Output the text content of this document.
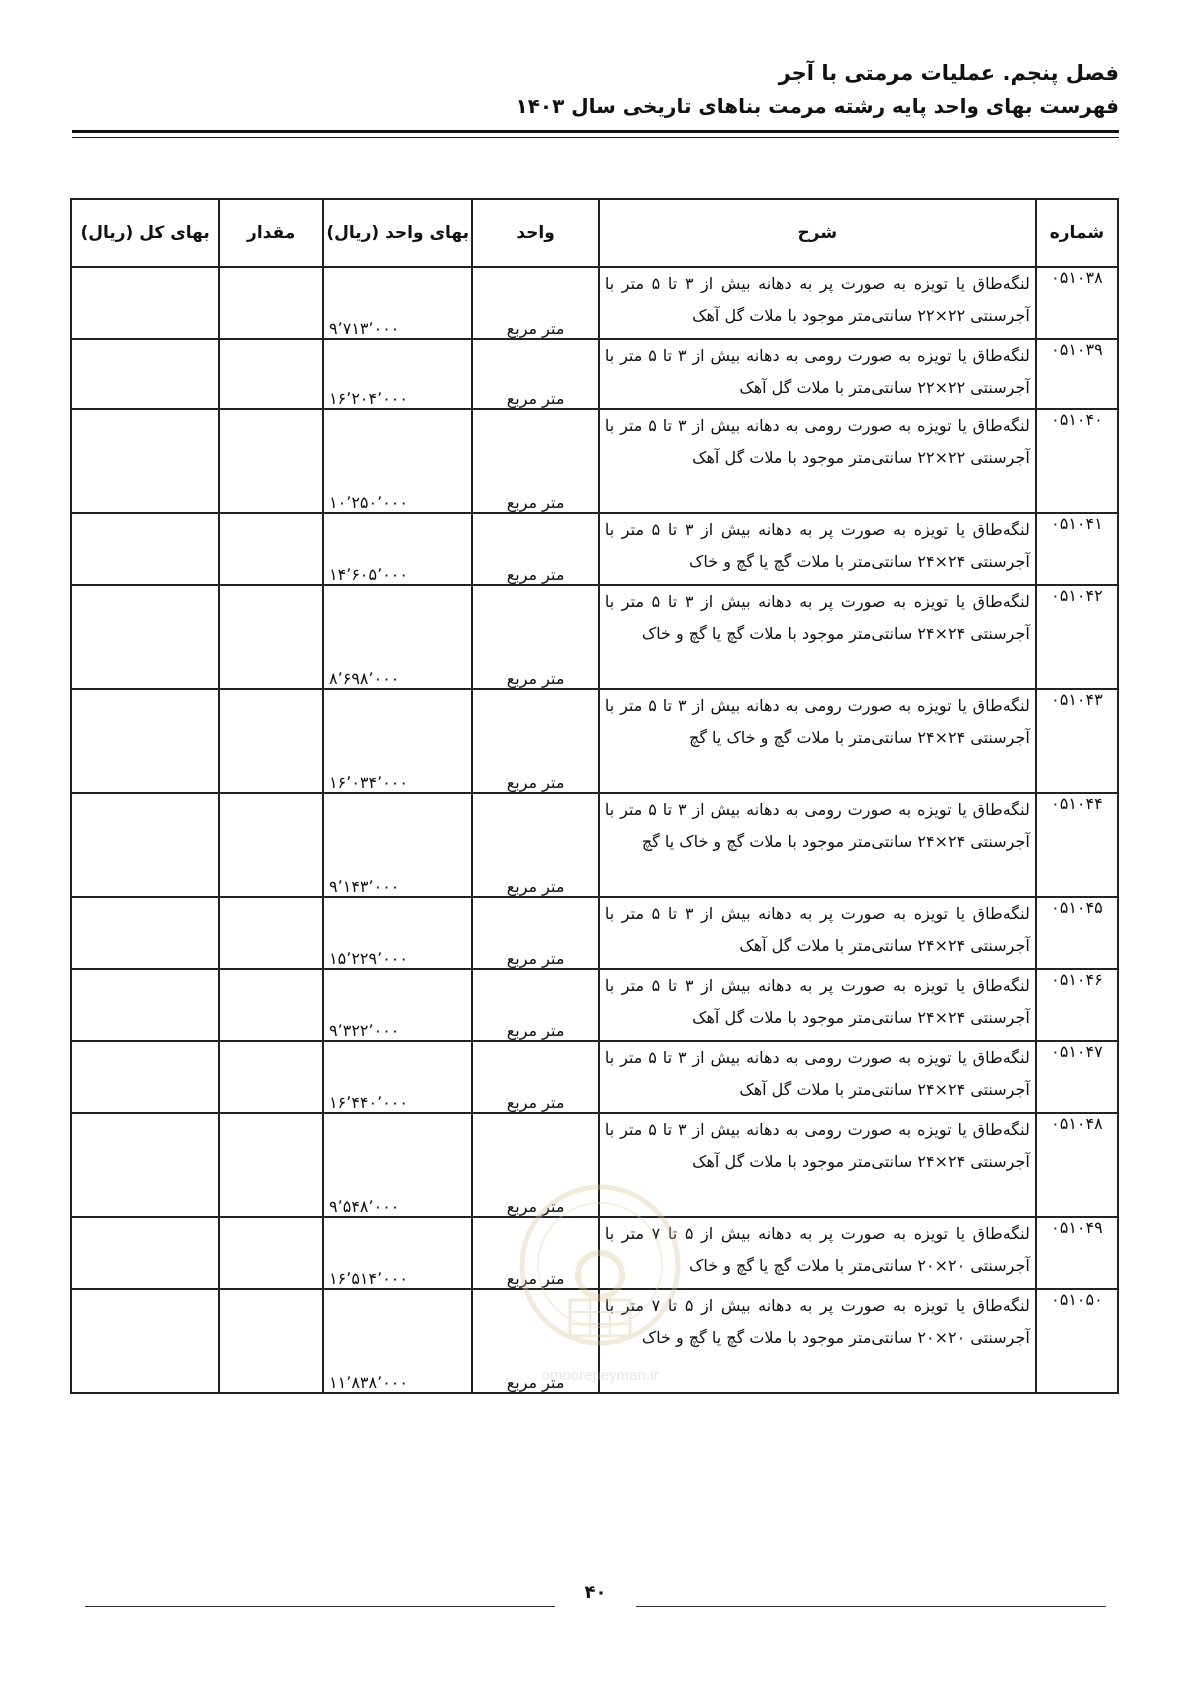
فصل پنجم. عملیات مرمتی با آجر
فهرست بهای واحد پایه رشته مرمت بناهای تاریخی سال ۱۴۰۳
شماره	شرح	واحد	بهای واحد (ریال)	مقدار	بهای کل (ریال)
۰۵۱۰۳۸	لنگه‌طاق یا تویزه به صورت پر به دهانه بیش از ۳ تا ۵ متر با آجرسنتی ۲۲×۲۲ سانتی‌متر موجود با ملات گل آهک	متر مربع	۹٬۷۱۳٬۰۰۰		
۰۵۱۰۳۹	لنگه‌طاق یا تویزه به صورت رومی به دهانه بیش از ۳ تا ۵ متر با آجرسنتی ۲۲×۲۲ سانتی‌متر با ملات گل آهک	متر مربع	۱۶٬۲۰۴٬۰۰۰		
۰۵۱۰۴۰	لنگه‌طاق یا تویزه به صورت رومی به دهانه بیش از ۳ تا ۵ متر با آجرسنتی ۲۲×۲۲ سانتی‌متر موجود با ملات گل آهک	متر مربع	۱۰٬۲۵۰٬۰۰۰		
۰۵۱۰۴۱	لنگه‌طاق یا تویزه به صورت پر به دهانه بیش از ۳ تا ۵ متر با آجرسنتی ۲۴×۲۴ سانتی‌متر با ملات گچ یا گچ و خاک	متر مربع	۱۴٬۶۰۵٬۰۰۰		
۰۵۱۰۴۲	لنگه‌طاق یا تویزه به صورت پر به دهانه بیش از ۳ تا ۵ متر با آجرسنتی ۲۴×۲۴ سانتی‌متر موجود با ملات گچ یا گچ و خاک	متر مربع	۸٬۶۹۸٬۰۰۰		
۰۵۱۰۴۳	لنگه‌طاق یا تویزه به صورت رومی به دهانه بیش از ۳ تا ۵ متر با آجرسنتی ۲۴×۲۴ سانتی‌متر با ملات گچ و خاک یا گچ	متر مربع	۱۶٬۰۳۴٬۰۰۰		
۰۵۱۰۴۴	لنگه‌طاق یا تویزه به صورت رومی به دهانه بیش از ۳ تا ۵ متر با آجرسنتی ۲۴×۲۴ سانتی‌متر موجود با ملات گچ و خاک یا گچ	متر مربع	۹٬۱۴۳٬۰۰۰		
۰۵۱۰۴۵	لنگه‌طاق یا تویزه به صورت پر به دهانه بیش از ۳ تا ۵ متر با آجرسنتی ۲۴×۲۴ سانتی‌متر با ملات گل آهک	متر مربع	۱۵٬۲۲۹٬۰۰۰		
۰۵۱۰۴۶	لنگه‌طاق یا تویزه به صورت پر به دهانه بیش از ۳ تا ۵ متر با آجرسنتی ۲۴×۲۴ سانتی‌متر موجود با ملات گل آهک	متر مربع	۹٬۳۲۲٬۰۰۰		
۰۵۱۰۴۷	لنگه‌طاق یا تویزه به صورت رومی به دهانه بیش از ۳ تا ۵ متر با آجرسنتی ۲۴×۲۴ سانتی‌متر با ملات گل آهک	متر مربع	۱۶٬۴۴۰٬۰۰۰		
۰۵۱۰۴۸	لنگه‌طاق یا تویزه به صورت رومی به دهانه بیش از ۳ تا ۵ متر با آجرسنتی ۲۴×۲۴ سانتی‌متر موجود با ملات گل آهک	متر مربع	۹٬۵۴۸٬۰۰۰		
۰۵۱۰۴۹	لنگه‌طاق یا تویزه به صورت پر به دهانه بیش از ۵ تا ۷ متر با آجرسنتی ۲۰×۲۰ سانتی‌متر با ملات گچ یا گچ و خاک	متر مربع	۱۶٬۵۱۴٬۰۰۰		
۰۵۱۰۵۰	لنگه‌طاق یا تویزه به صورت پر به دهانه بیش از ۵ تا ۷ متر با آجرسنتی ۲۰×۲۰ سانتی‌متر موجود با ملات گچ یا گچ و خاک	متر مربع	۱۱٬۸۳۸٬۰۰۰			omoorepeyman.ir
۴۰
